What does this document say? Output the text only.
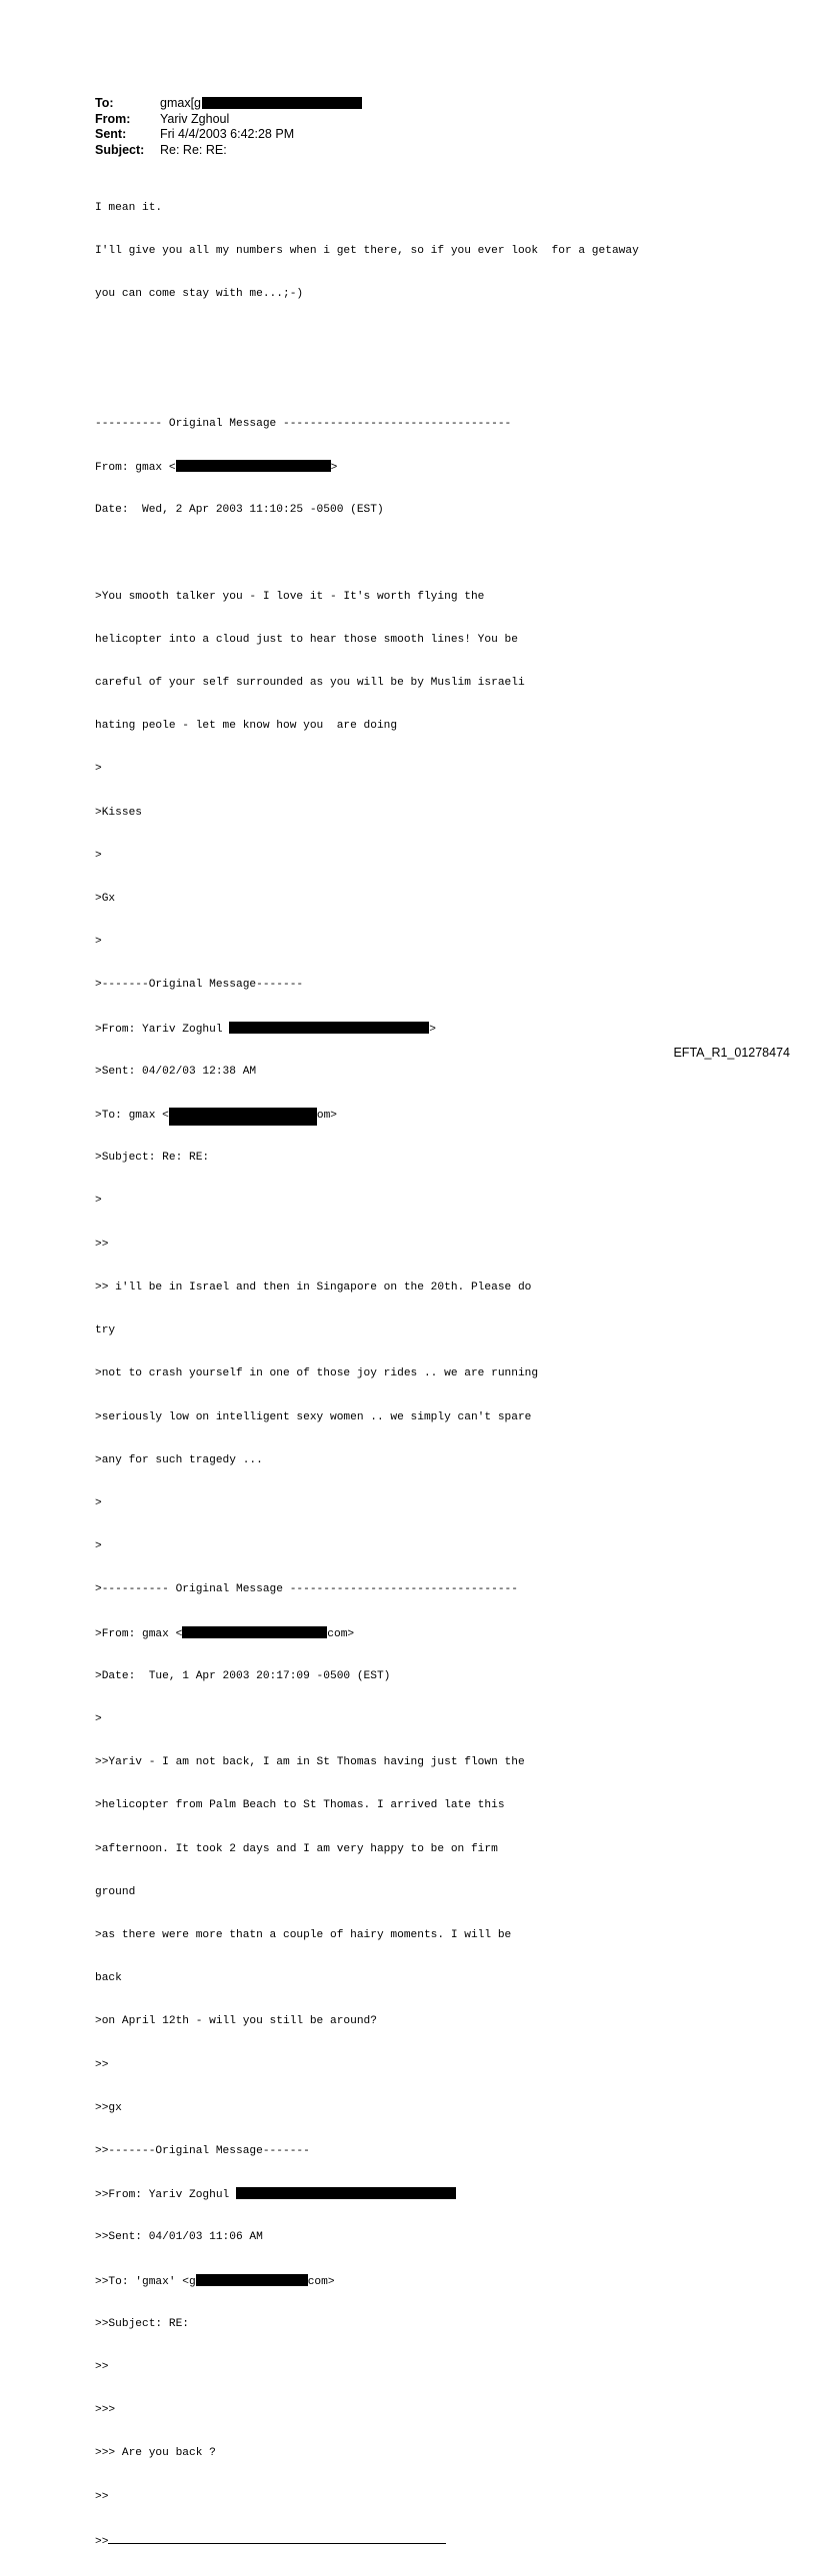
To:	gmax[g
From:	Yariv Zghoul
Sent:	Fri 4/4/2003 6:42:28 PM
Subject:	Re: Re: RE:

I mean it.

I'll give you all my numbers when i get there, so if you ever look  for a getaway

you can come stay with me...;-)

---------- Original Message ----------------------------------

From: gmax <	>

Date:  Wed, 2 Apr 2003 11:10:25 -0500 (EST)

>You smooth talker you - I love it - It's worth flying the

helicopter into a cloud just to hear those smooth lines! You be

careful of your self surrounded as you will be by Muslim israeli

hating peole - let me know how you  are doing

>

>Kisses

>

>Gx

>

>-------Original Message-------

>From: Yariv Zoghul	>

>Sent: 04/02/03 12:38 AM

>To: gmax <	om>

>Subject: Re: RE:

>

>>

>> i'll be in Israel and then in Singapore on the 20th. Please do

try

>not to crash yourself in one of those joy rides .. we are running

>seriously low on intelligent sexy women .. we simply can't spare

>any for such tragedy ...

>

>

>---------- Original Message ----------------------------------

>From: gmax <	com>

>Date:  Tue, 1 Apr 2003 20:17:09 -0500 (EST)

>

>>Yariv - I am not back, I am in St Thomas having just flown the

>helicopter from Palm Beach to St Thomas. I arrived late this

>afternoon. It took 2 days and I am very happy to be on firm

ground

>as there were more thatn a couple of hairy moments. I will be

back

>on April 12th - will you still be around?

>>

>>gx

>>-------Original Message-------

>>From: Yariv Zoghul

>>Sent: 04/01/03 11:06 AM

>>To: 'gmax' <g	com>

>>Subject: RE:

>>

>>>

>>> Are you back ?

>>

>>

EFTA_R1_01278474
